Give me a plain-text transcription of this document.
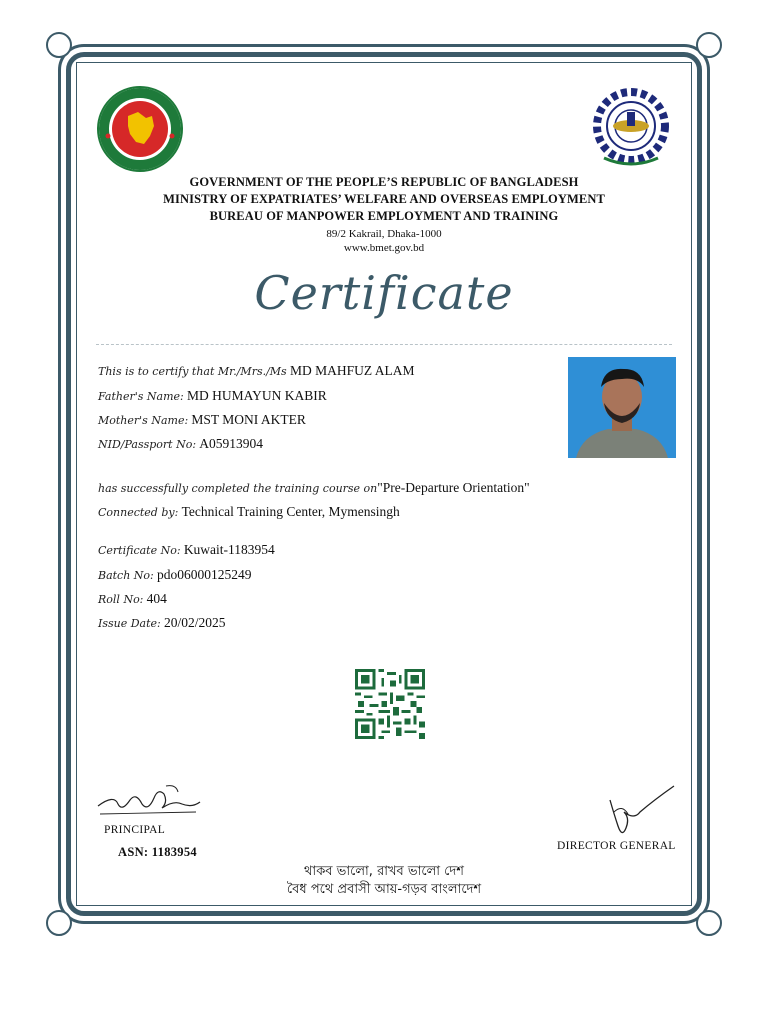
GOVERNMENT OF THE PEOPLE’S REPUBLIC OF BANGLADESH
MINISTRY OF EXPATRIATES’ WELFARE AND OVERSEAS EMPLOYMENT
BUREAU OF MANPOWER EMPLOYMENT AND TRAINING
89/2 Kakrail, Dhaka-1000
www.bmet.gov.bd
Certificate
This is to certify that Mr./Mrs./Ms MD MAHFUZ ALAM
Father's Name: MD HUMAYUN KABIR
Mother's Name: MST MONI AKTER
NID/Passport No: A05913904
has successfully completed the training course on"Pre-Departure Orientation"
Connected by: Technical Training Center, Mymensingh
Certificate No: Kuwait-1183954
Batch No: pdo06000125249
Roll No: 404
Issue Date: 20/02/2025
PRINCIPAL
ASN: 1183954	DIRECTOR GENERAL
থাকব ভালো, রাখব ভালো দেশ
বৈধ পথে প্রবাসী আয়-গড়ব বাংলাদেশ
